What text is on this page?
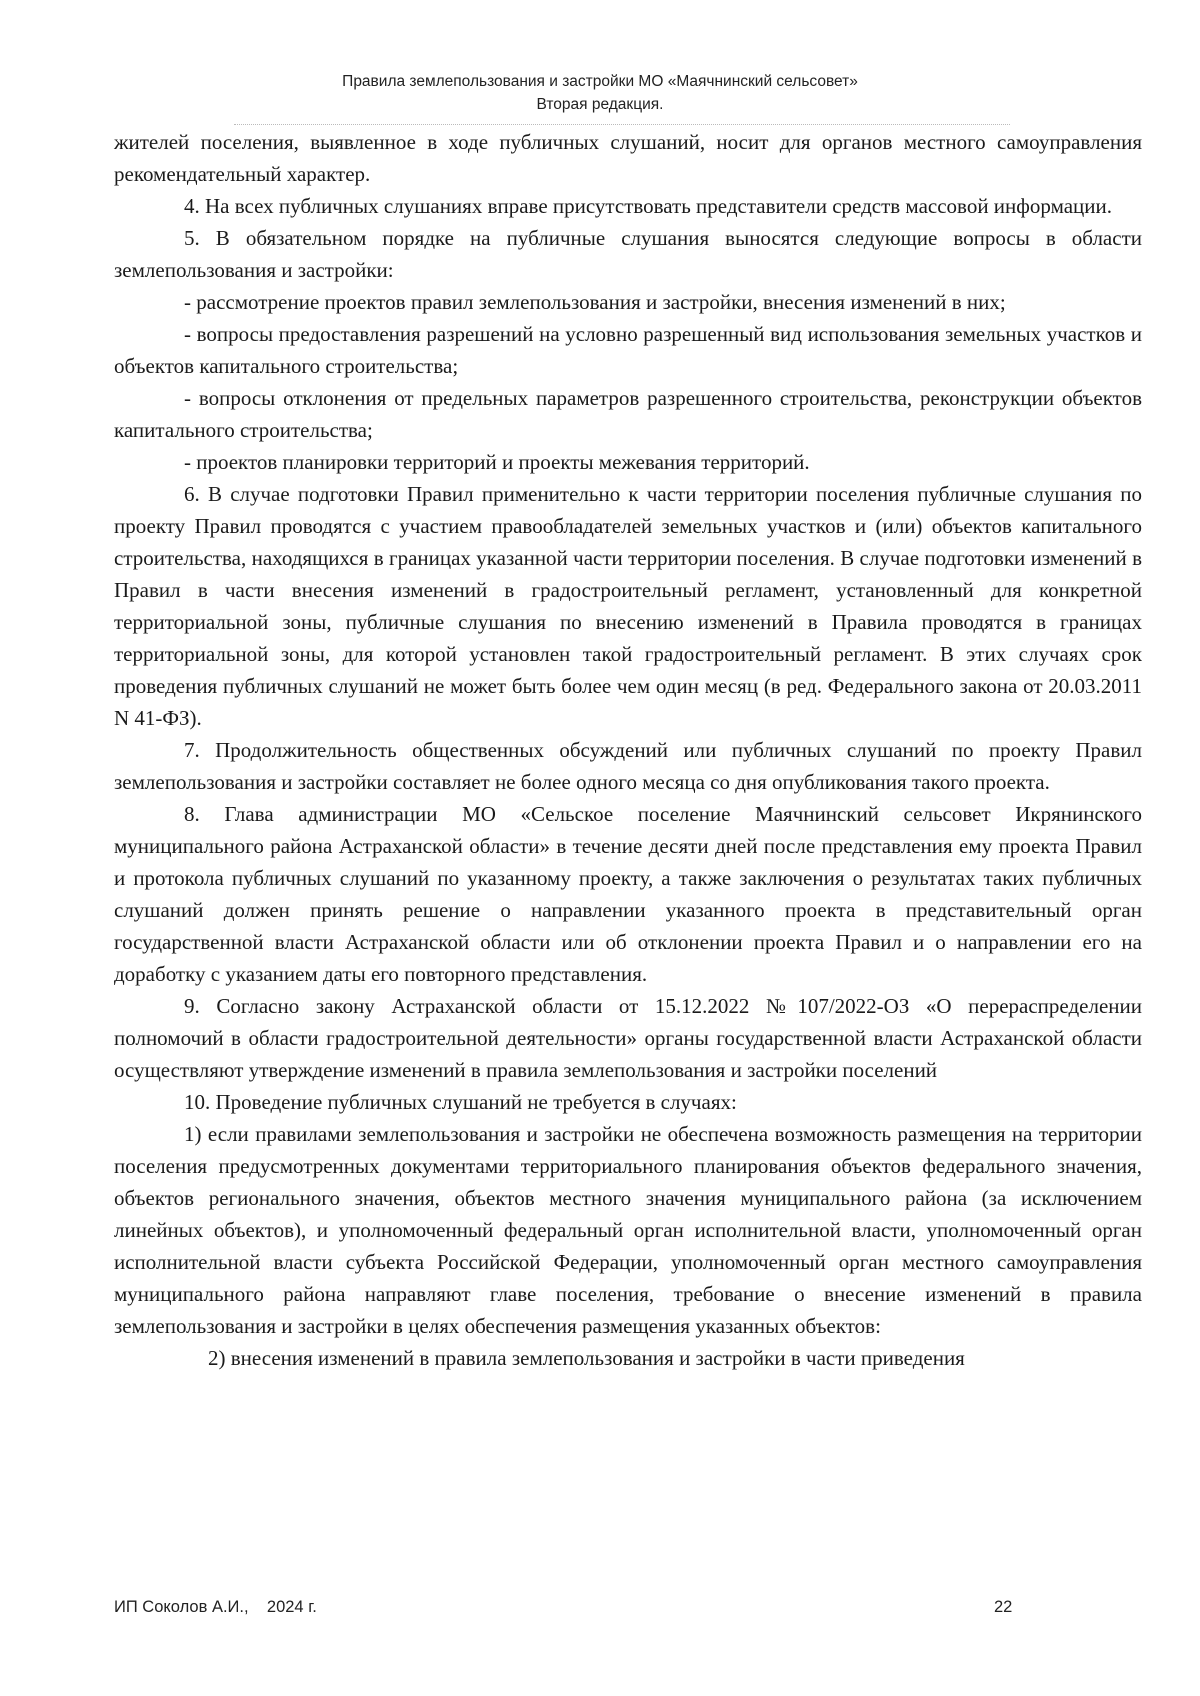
Правила землепользования и застройки МО «Маячнинский сельсовет»
Вторая редакция.

жителей поселения, выявленное в ходе публичных слушаний, носит для органов местного самоуправления рекомендательный характер.

4. На всех публичных слушаниях вправе присутствовать представители средств массовой информации.

5. В обязательном порядке на публичные слушания выносятся следующие вопросы в области землепользования и застройки:

- рассмотрение проектов правил землепользования и застройки, внесения изменений в них;

- вопросы предоставления разрешений на условно разрешенный вид использования земельных участков и объектов капитального строительства;

- вопросы отклонения от предельных параметров разрешенного строительства, реконструкции объектов капитального строительства;

- проектов планировки территорий и проекты межевания территорий.

6. В случае подготовки Правил применительно к части территории поселения публичные слушания по проекту Правил проводятся с участием правообладателей земельных участков и (или) объектов капитального строительства, находящихся в границах указанной части территории поселения. В случае подготовки изменений в Правил в части внесения изменений в градостроительный регламент, установленный для конкретной территориальной зоны, публичные слушания по внесению изменений в Правила проводятся в границах территориальной зоны, для которой установлен такой градостроительный регламент. В этих случаях срок проведения публичных слушаний не может быть более чем один месяц (в ред. Федерального закона от 20.03.2011 N 41-ФЗ).

7. Продолжительность общественных обсуждений или публичных слушаний по проекту Правил землепользования и застройки составляет не более одного месяца со дня опубликования такого проекта.

8. Глава администрации МО «Сельское поселение Маячнинский сельсовет Икрянинского муниципального района Астраханской области» в течение десяти дней после представления ему проекта Правил и протокола публичных слушаний по указанному проекту, а также заключения о результатах таких публичных слушаний должен принять решение о направлении указанного проекта в представительный орган государственной власти Астраханской области или об отклонении проекта Правил и о направлении его на доработку с указанием даты его повторного представления.

9. Согласно закону Астраханской области от 15.12.2022 №107/2022-ОЗ «О перераспределении полномочий в области градостроительной деятельности» органы государственной власти Астраханской области осуществляют утверждение изменений в правила землепользования и застройки поселений

10. Проведение публичных слушаний не требуется в случаях:

1) если правилами землепользования и застройки не обеспечена возможность размещения на территории поселения предусмотренных документами территориального планирования объектов федерального значения, объектов регионального значения, объектов местного значения муниципального района (за исключением линейных объектов), и уполномоченный федеральный орган исполнительной власти, уполномоченный орган исполнительной власти субъекта Российской Федерации, уполномоченный орган местного самоуправления муниципального района направляют главе поселения, требование о внесение изменений в правила землепользования и застройки в целях обеспечения размещения указанных объектов:

2) внесения изменений в правила землепользования и застройки в части приведения

ИП Соколов А.И.,    2024 г.	22
